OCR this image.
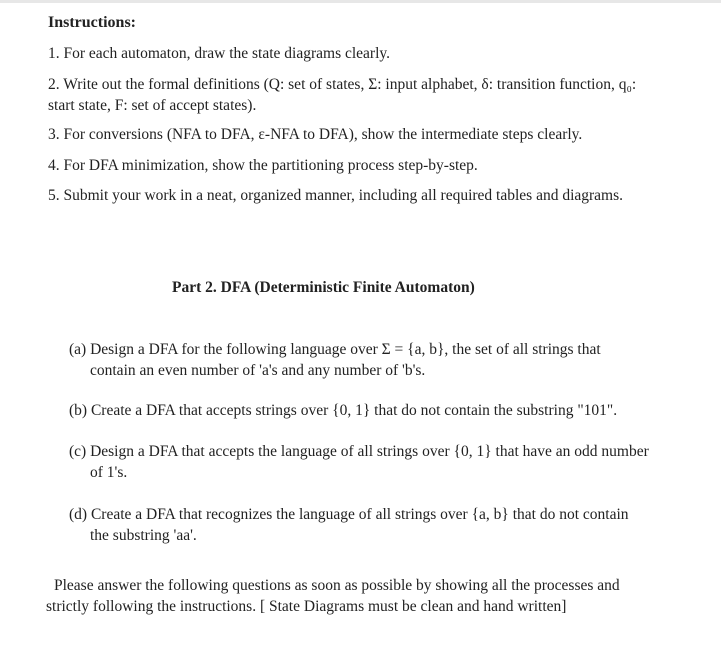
Instructions:
1. For each automaton, draw the state diagrams clearly.
2. Write out the formal definitions (Q: set of states, Σ: input alphabet, δ: transition function, q₀:
start state, F: set of accept states).
3. For conversions (NFA to DFA, ε-NFA to DFA), show the intermediate steps clearly.
4. For DFA minimization, show the partitioning process step-by-step.
5. Submit your work in a neat, organized manner, including all required tables and diagrams.
Part 2. DFA (Deterministic Finite Automaton)
(a) Design a DFA for the following language over Σ = {a, b}, the set of all strings that
contain an even number of 'a's and any number of 'b's.
(b) Create a DFA that accepts strings over {0, 1} that do not contain the substring "101".
(c) Design a DFA that accepts the language of all strings over {0, 1} that have an odd number
of 1's.
(d) Create a DFA that recognizes the language of all strings over {a, b} that do not contain
the substring 'aa'.
Please answer the following questions as soon as possible by showing all the processes and
strictly following the instructions. [ State Diagrams must be clean and hand written]
